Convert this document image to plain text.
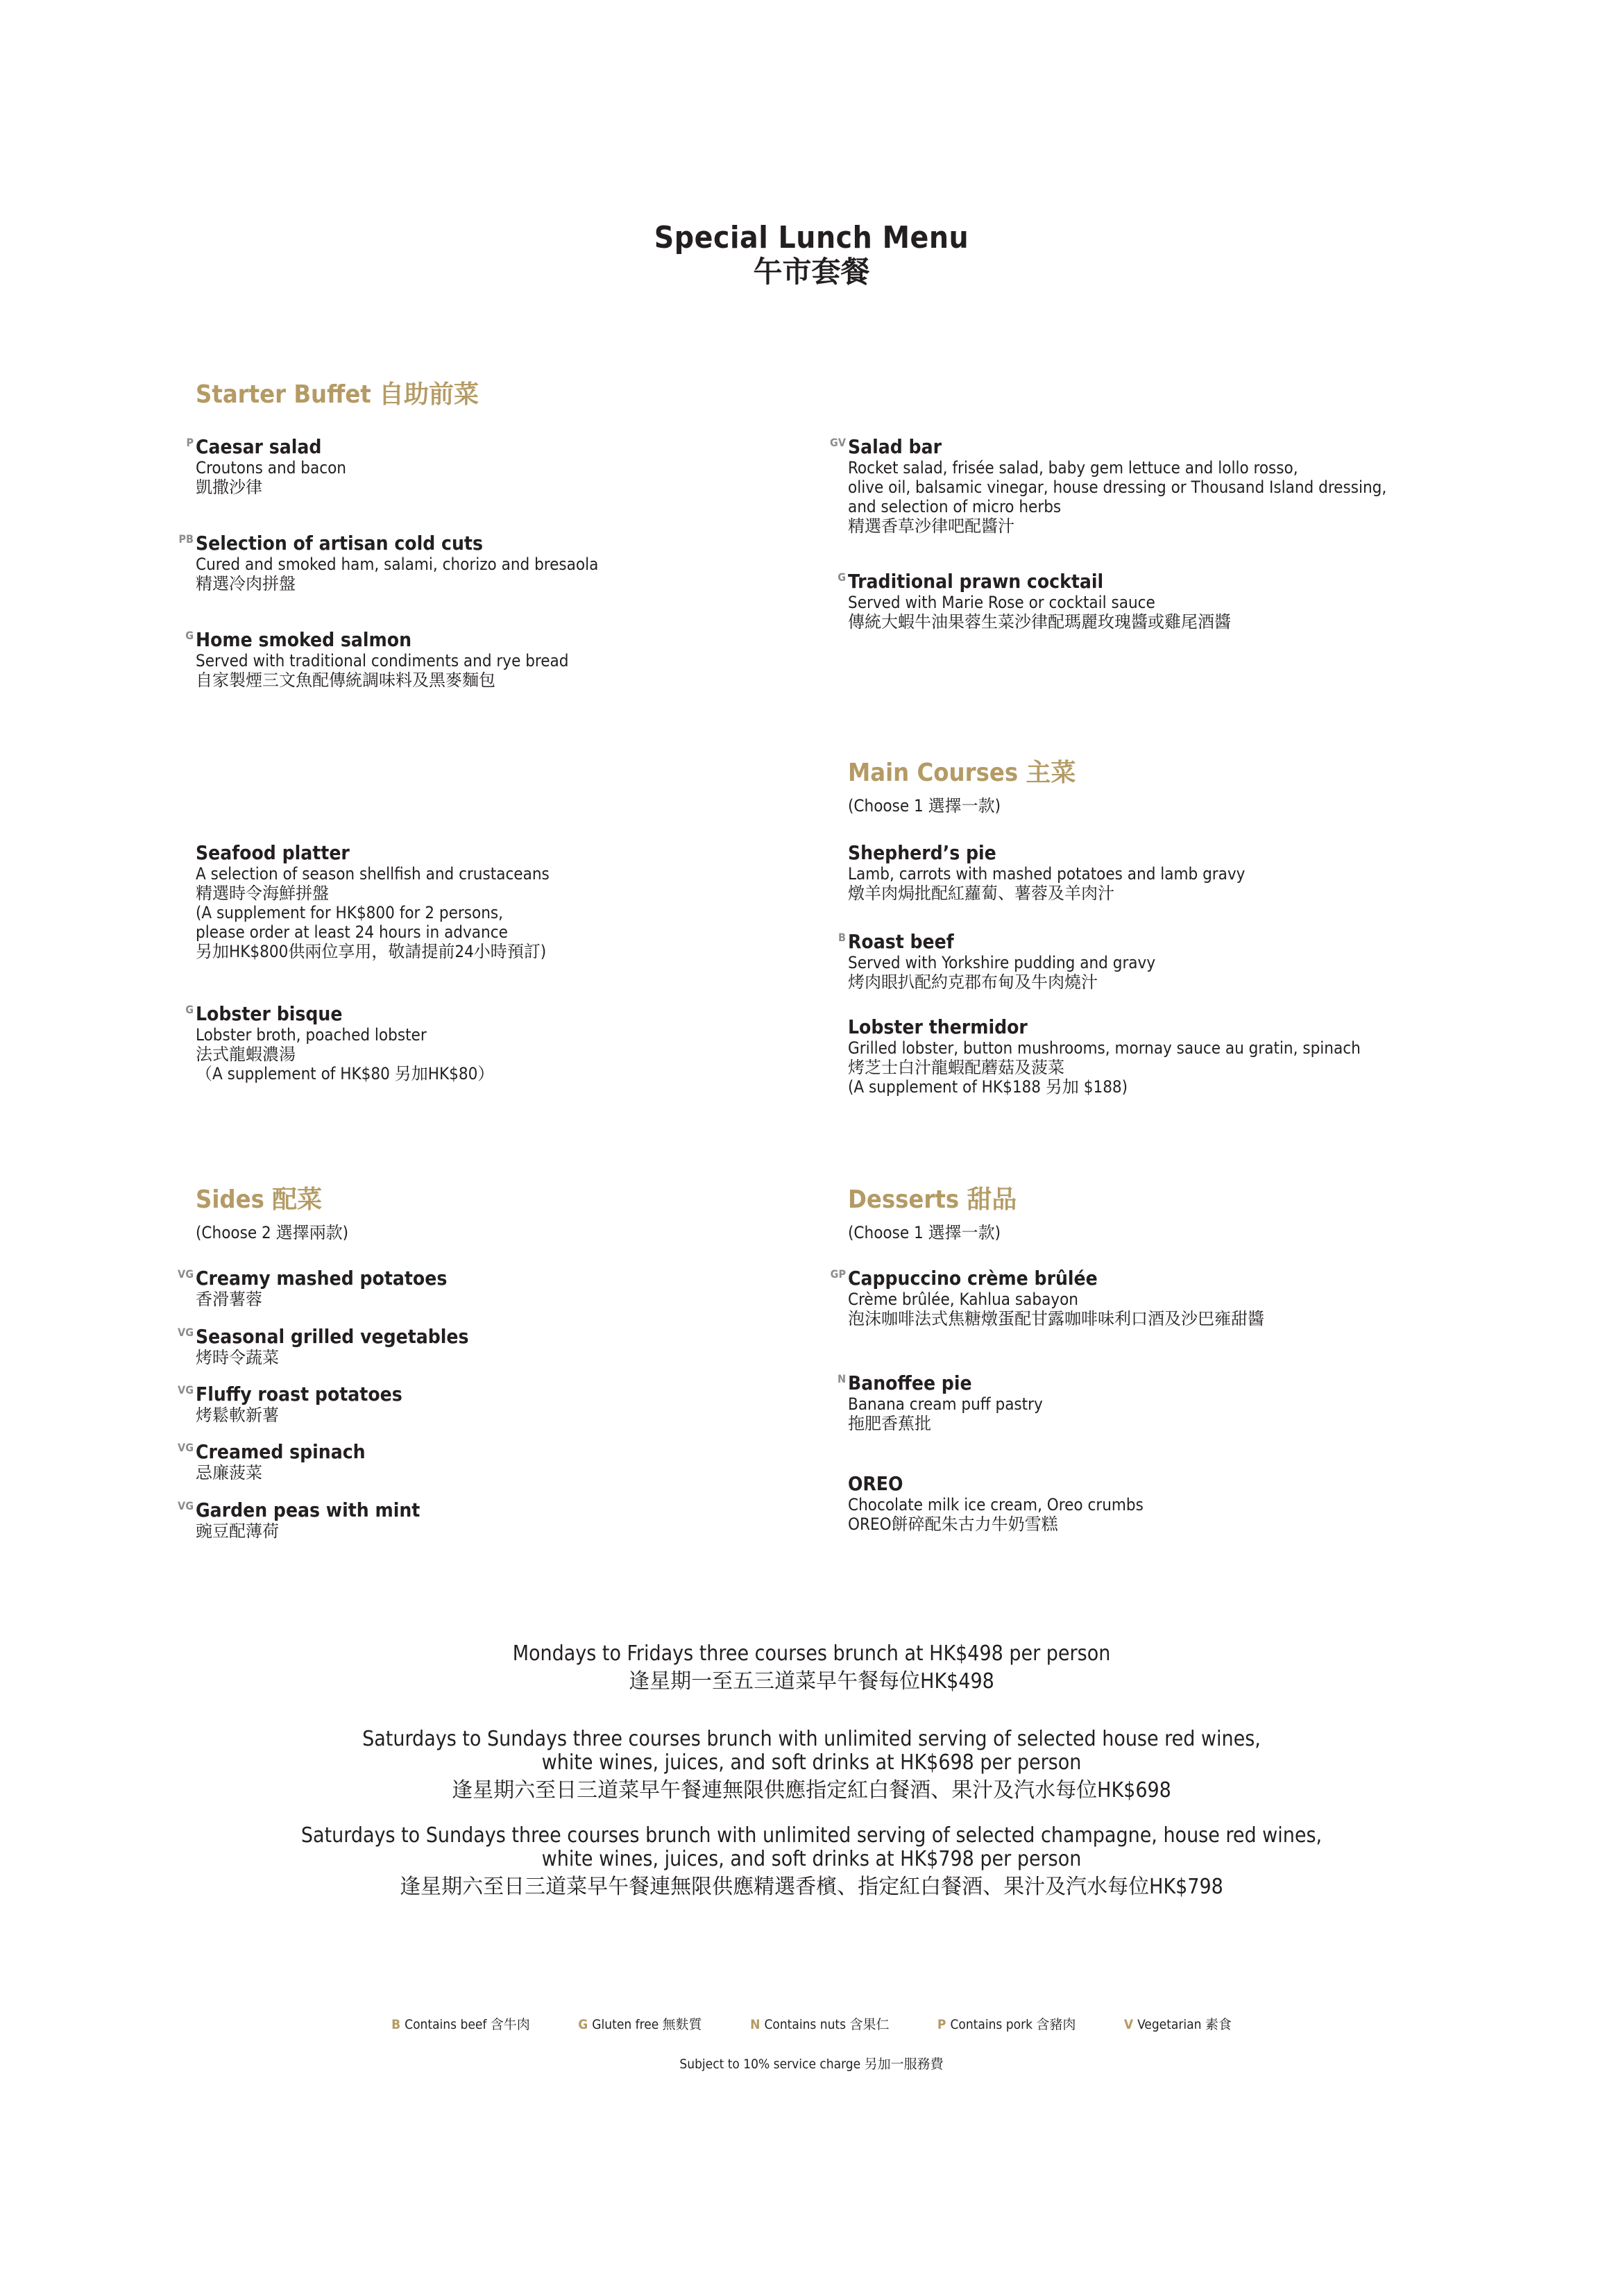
Special Lunch Menu
午市套餐
Starter Buffet 自助前菜
P Caesar salad
Croutons and bacon
凱撒沙律
PB Selection of artisan cold cuts
Cured and smoked ham, salami, chorizo and bresaola
精選冷肉拼盤
G Home smoked salmon
Served with traditional condiments and rye bread
自家製煙三文魚配傳統調味料及黑麥麵包
GV Salad bar
Rocket salad, frisée salad, baby gem lettuce and lollo rosso,
olive oil, balsamic vinegar, house dressing or Thousand Island dressing,
and selection of micro herbs
精選香草沙律吧配醬汁
G Traditional prawn cocktail
Served with Marie Rose or cocktail sauce
傳統大蝦牛油果蓉生菜沙律配瑪麗玫瑰醬或雞尾酒醬
Seafood platter
A selection of season shellfish and crustaceans
精選時令海鮮拼盤
(A supplement for HK$800 for 2 persons,
please order at least 24 hours in advance
另加HK$800供兩位享用，敬請提前24小時預訂)
G Lobster bisque
Lobster broth, poached lobster
法式龍蝦濃湯
（A supplement of HK$80 另加HK$80）
Main Courses 主菜
(Choose 1 選擇一款)
Shepherd’s pie
Lamb, carrots with mashed potatoes and lamb gravy
燉羊肉焗批配紅蘿蔔、薯蓉及羊肉汁
B Roast beef
Served with Yorkshire pudding and gravy
烤肉眼扒配約克郡布甸及牛肉燒汁
Lobster thermidor
Grilled lobster, button mushrooms, mornay sauce au gratin, spinach
烤芝士白汁龍蝦配蘑菇及菠菜
(A supplement of HK$188 另加 $188)
Sides 配菜
(Choose 2 選擇兩款)
VG Creamy mashed potatoes
香滑薯蓉
VG Seasonal grilled vegetables
烤時令蔬菜
VG Fluffy roast potatoes
烤鬆軟新薯
VG Creamed spinach
忌廉菠菜
VG Garden peas with mint
豌豆配薄荷
Desserts 甜品
(Choose 1 選擇一款)
GP Cappuccino crème brûlée
Crème brûlée, Kahlua sabayon
泡沫咖啡法式焦糖燉蛋配甘露咖啡味利口酒及沙巴雍甜醬
N Banoffee pie
Banana cream puff pastry
拖肥香蕉批
OREO
Chocolate milk ice cream, Oreo crumbs
OREO餅碎配朱古力牛奶雪糕
Mondays to Fridays three courses brunch at HK$498 per person
逢星期一至五三道菜早午餐每位HK$498
Saturdays to Sundays three courses brunch with unlimited serving of selected house red wines,
white wines, juices, and soft drinks at HK$698 per person
逢星期六至日三道菜早午餐連無限供應指定紅白餐酒、果汁及汽水每位HK$698
Saturdays to Sundays three courses brunch with unlimited serving of selected champagne, house red wines,
white wines, juices, and soft drinks at HK$798 per person
逢星期六至日三道菜早午餐連無限供應精選香檳、指定紅白餐酒、果汁及汽水每位HK$798
B Contains beef 含牛肉	G Gluten free 無麩質	N Contains nuts 含果仁	P Contains pork 含豬肉	V Vegetarian 素食
Subject to 10% service charge 另加一服務費
